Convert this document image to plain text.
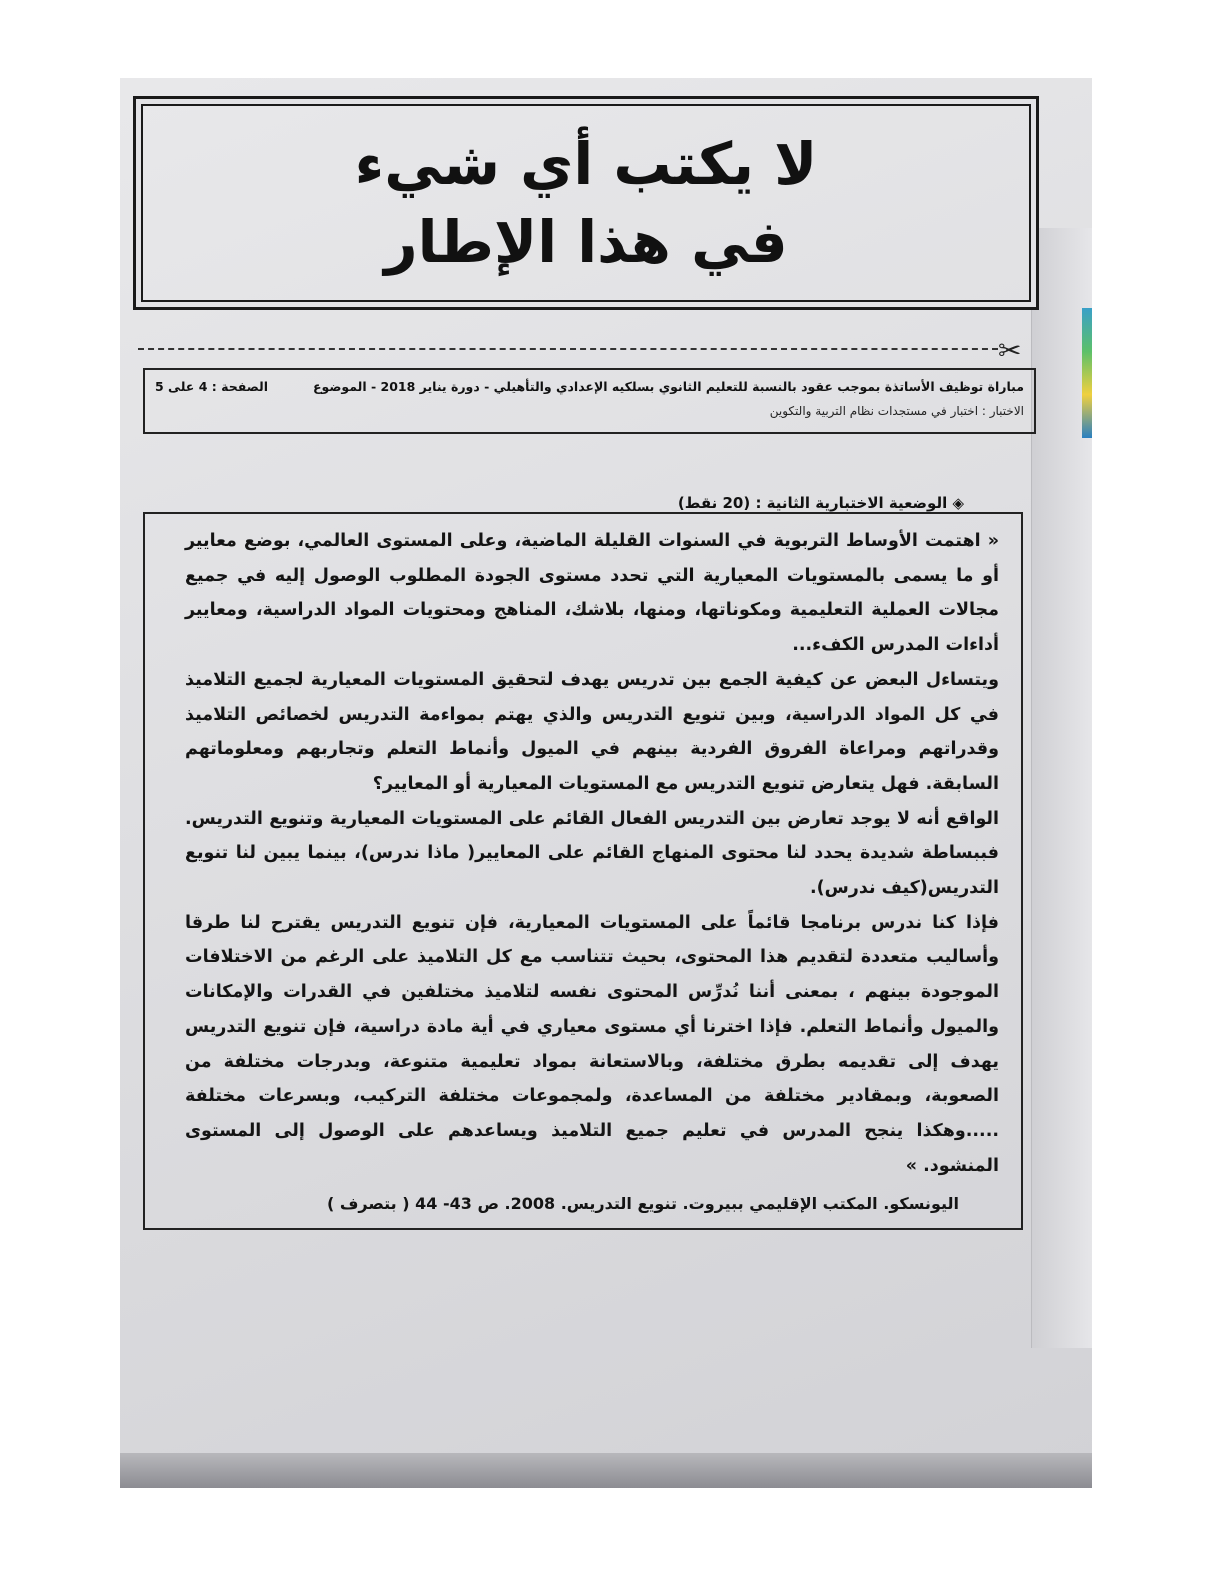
لا يكتب أي شيء
في هذا الإطار
✂
مباراة توظيف الأساتذة بموجب عقود بالنسبة للتعليم الثانوي بسلكيه الإعدادي والتأهيلي - دورة يناير 2018 - الموضوع
الصفحة : 4 على 5
الاختبار : اختبار في مستجدات نظام التربية والتكوين
◈ الوضعية الاختبارية الثانية : (20 نقط)

« اهتمت الأوساط التربوية في السنوات القليلة الماضية، وعلى المستوى العالمي، بوضع معايير أو ما يسمى بالمستويات المعيارية التي تحدد مستوى الجودة المطلوب الوصول إليه في جميع مجالات العملية التعليمية ومكوناتها، ومنها، بلاشك، المناهج ومحتويات المواد الدراسية، ومعايير أداءات المدرس الكفء...

ويتساءل البعض عن كيفية الجمع بين تدريس يهدف لتحقيق المستويات المعيارية لجميع التلاميذ في كل المواد الدراسية، وبين تنويع التدريس والذي يهتم بمواءمة التدريس لخصائص التلاميذ وقدراتهم ومراعاة الفروق الفردية بينهم في الميول وأنماط التعلم وتجاربهم ومعلوماتهم السابقة. فهل يتعارض تنويع التدريس مع المستويات المعيارية أو المعايير؟

الواقع أنه لا يوجد تعارض بين التدريس الفعال القائم على المستويات المعيارية وتنويع التدريس. فببساطة شديدة يحدد لنا محتوى المنهاج القائم على المعايير( ماذا ندرس)، بينما يبين لنا تنويع التدريس(كيف ندرس).

فإذا كنا ندرس برنامجا قائماً على المستويات المعيارية، فإن تنويع التدريس يقترح لنا طرقا وأساليب متعددة لتقديم هذا المحتوى، بحيث تتناسب مع كل التلاميذ على الرغم من الاختلافات الموجودة بينهم ، بمعنى أننا نُدرِّس المحتوى نفسه لتلاميذ مختلفين في القدرات والإمكانات والميول وأنماط التعلم. فإذا اخترنا أي مستوى معياري في أية مادة دراسية، فإن تنويع التدريس يهدف إلى تقديمه بطرق مختلفة، وبالاستعانة بمواد تعليمية متنوعة، وبدرجات مختلفة من الصعوبة، وبمقادير مختلفة من المساعدة، ولمجموعات مختلفة التركيب، وبسرعات مختلفة .....وهكذا ينجح المدرس في تعليم جميع التلاميذ ويساعدهم على الوصول إلى المستوى المنشود. »

اليونسكو. المكتب الإقليمي ببيروت. تنويع التدريس. 2008. ص 43- 44 ( بتصرف )
